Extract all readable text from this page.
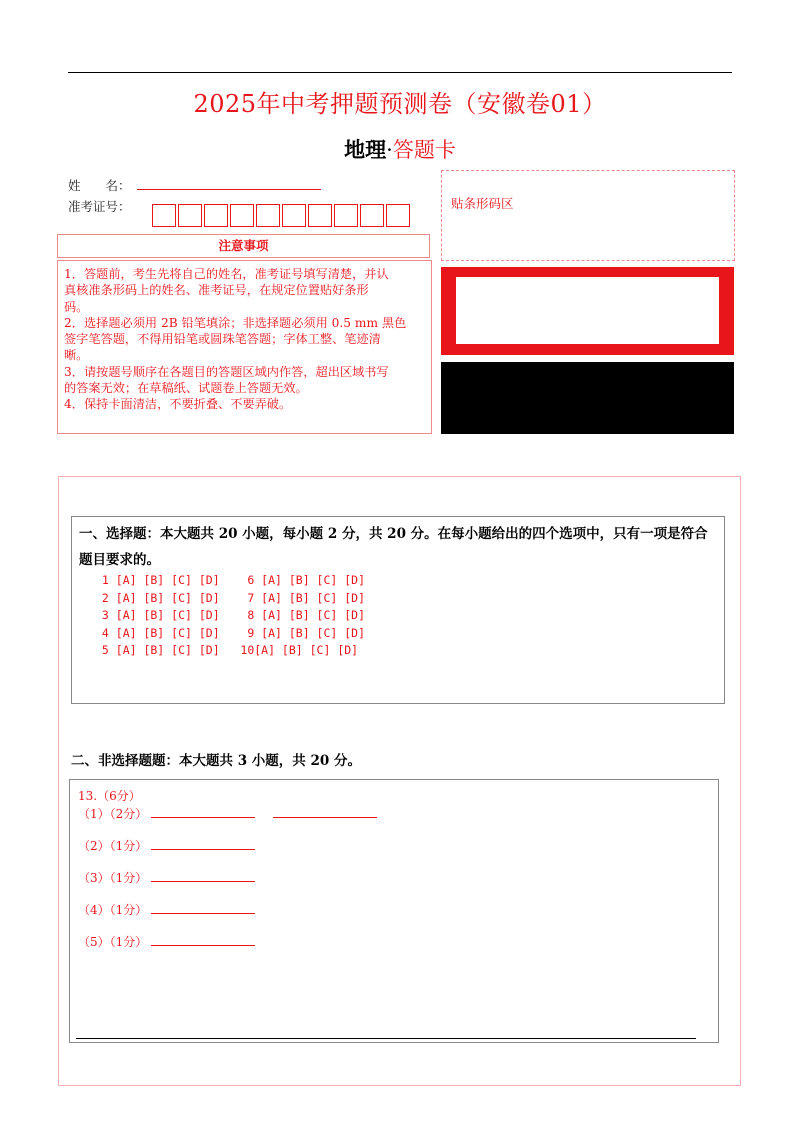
2025年中考押题预测卷（安徽卷01）
地理·答题卡
姓　　名：
准考证号：	贴条形码区
注意事项
1．答题前，考生先将自己的姓名，准考证号填写清楚，并认
真核准条形码上的姓名、准考证号，在规定位置贴好条形
码。
2．选择题必须用 2B 铅笔填涂；非选择题必须用 0.5 mm 黑色
签字笔答题，不得用铅笔或圆珠笔答题；字体工整、笔迹清
晰。
3．请按题号顺序在各题目的答题区域内作答，超出区域书写
的答案无效；在草稿纸、试题卷上答题无效。
4．保持卡面清洁，不要折叠、不要弄破。
一、选择题：本大题共 20 小题，每小题 2 分，共 20 分。在每小题给出的四个选项中，只有一项是符合
题目要求的。
1 [A] [B] [C] [D]    6 [A] [B] [C] [D]
2 [A] [B] [C] [D]    7 [A] [B] [C] [D]
3 [A] [B] [C] [D]    8 [A] [B] [C] [D]
4 [A] [B] [C] [D]    9 [A] [B] [C] [D]
5 [A] [B] [C] [D]   10[A] [B] [C] [D]
二、非选择题题：本大题共 3 小题，共 20 分。
13.（6分）
（1）（2分）
（2）（1分）
（3）（1分）
（4）（1分）
（5）（1分）
